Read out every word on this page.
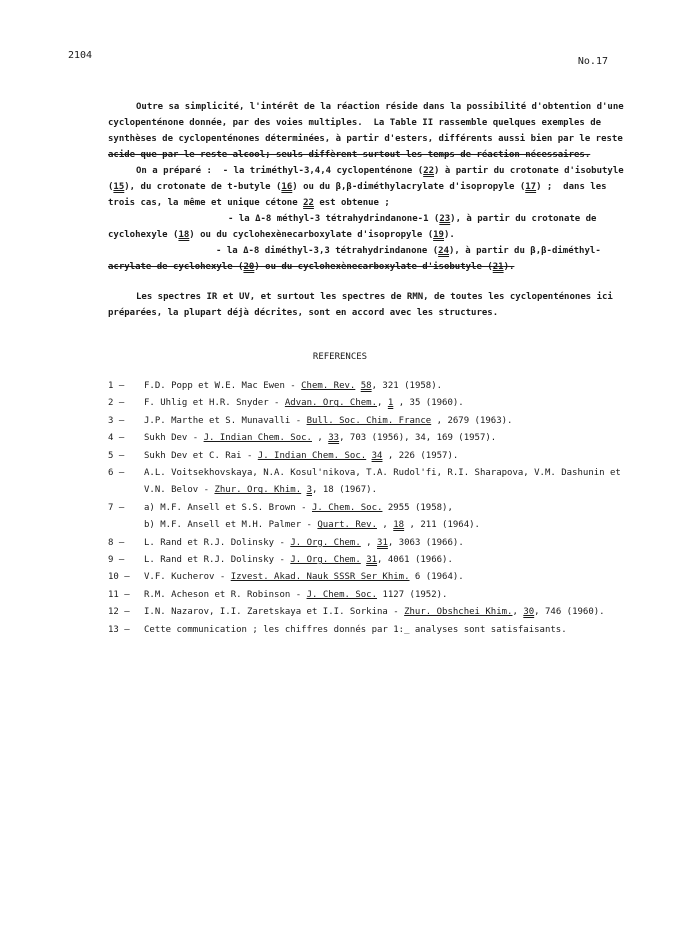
2104
No.17
Outre sa simplicité, l'intérêt de la réaction réside dans la possibilité d'obtention d'une
cyclopenténone donnée, par des voies multiples.  La Table II rassemble quelques exemples de
synthèses de cyclopenténones déterminées, à partir d'esters, différents aussi bien par le reste
acide que par le reste alcool; seuls diffèrent surtout les temps de réaction nécessaires.
On a préparé :  - la triméthyl-3,4,4 cyclopenténone (22) à partir du crotonate d'isobutyle
(15), du crotonate de t-butyle (16) ou du β,β-diméthylacrylate d'isopropyle (17) ;  dans les
trois cas, la même et unique cétone 22 est obtenue ;
- la Δ-8 méthyl-3 tétrahydrindanone-1 (23), à partir du crotonate de
cyclohexyle (18) ou du cyclohexènecarboxylate d'isopropyle (19).
- la Δ-8 diméthyl-3,3 tétrahydrindanone (24), à partir du β,β-diméthyl-
acrylate de cyclohexyle (20) ou du cyclohexènecarboxylate d'isobutyle (21).
Les spectres IR et UV, et surtout les spectres de RMN, de toutes les cyclopenténones ici
préparées, la plupart déjà décrites, sont en accord avec les structures.
REFERENCES
1 –	F.D. Popp et W.E. Mac Ewen - Chem. Rev. 58, 321 (1958).
2 –	F. Uhlig et H.R. Snyder - Advan. Org. Chem., 1 , 35 (1960).
3 –	J.P. Marthe et S. Munavalli - Bull. Soc. Chim. France , 2679 (1963).
4 –	Sukh Dev - J. Indian Chem. Soc. , 33, 703 (1956), 34, 169 (1957).
5 –	Sukh Dev et C. Rai - J. Indian Chem. Soc. 34 , 226 (1957).
6 –	A.L. Voitsekhovskaya, N.A. Kosul'nikova, T.A. Rudol'fi, R.I. Sharapova, V.M. Dashunin et
V.N. Belov - Zhur. Org. Khim. 3, 18 (1967).
7 –	a) M.F. Ansell et S.S. Brown - J. Chem. Soc. 2955 (1958),
b) M.F. Ansell et M.H. Palmer - Quart. Rev. , 18 , 211 (1964).
8 –	L. Rand et R.J. Dolinsky - J. Org. Chem. , 31, 3063 (1966).
9 –	L. Rand et R.J. Dolinsky - J. Org. Chem. 31, 4061 (1966).
10 –	V.F. Kucherov - Izvest. Akad. Nauk SSSR Ser Khim. 6 (1964).
11 –	R.M. Acheson et R. Robinson - J. Chem. Soc. 1127 (1952).
12 –	I.N. Nazarov, I.I. Zaretskaya et I.I. Sorkina - Zhur. Obshchei Khim., 30, 746 (1960).
13 –	Cette communication ; les chiffres donnés par 1:_ analyses sont satisfaisants.
